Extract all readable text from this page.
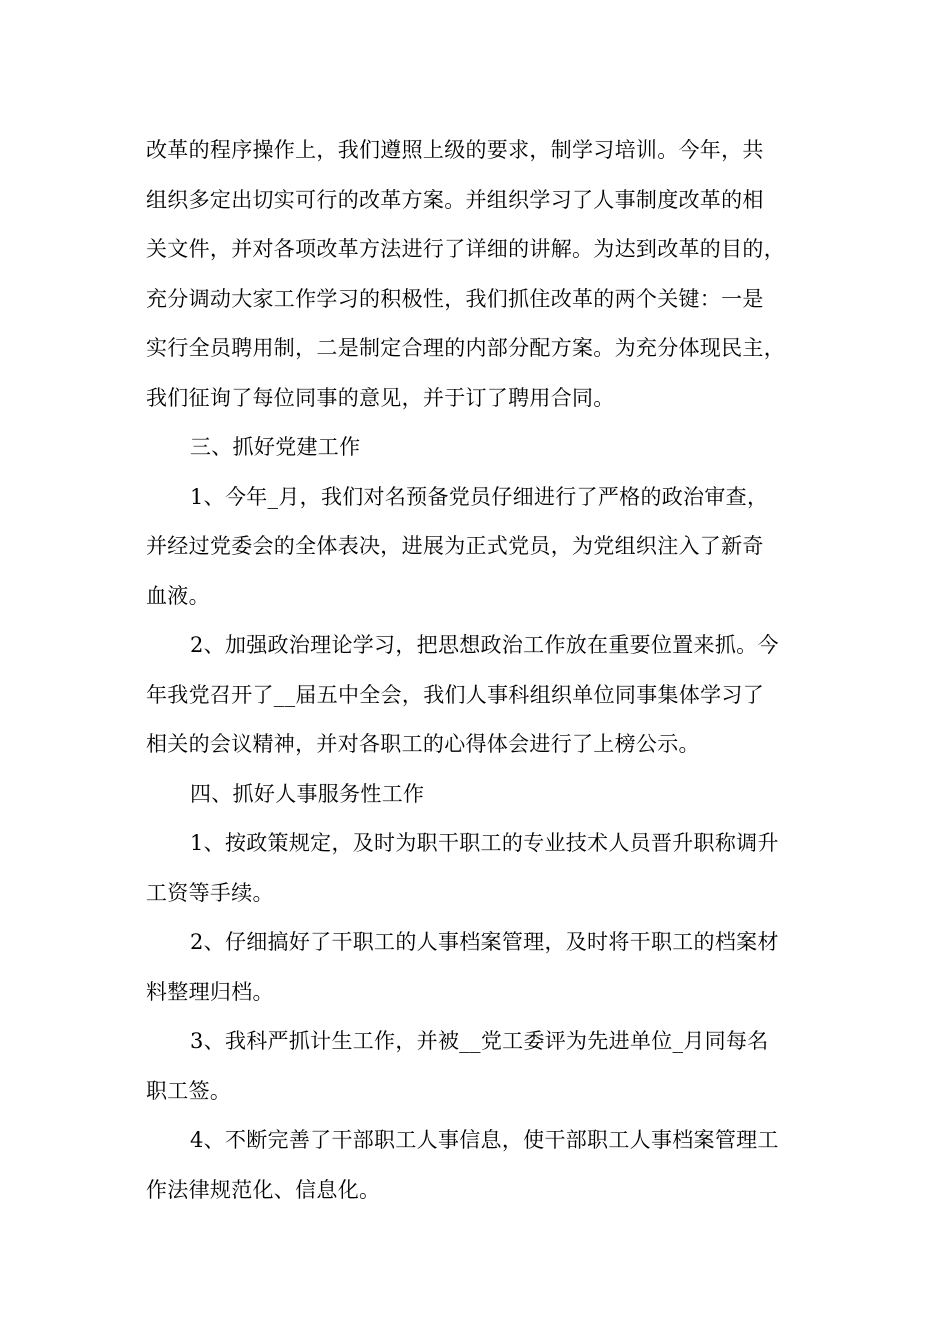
改革的程序操作上，我们遵照上级的要求，制学习培训。今年，共
组织多定出切实可行的改革方案。并组织学习了人事制度改革的相
关文件，并对各项改革方法进行了详细的讲解。为达到改革的目的，
充分调动大家工作学习的积极性，我们抓住改革的两个关键：一是
实行全员聘用制，二是制定合理的内部分配方案。为充分体现民主，
我们征询了每位同事的意见，并于订了聘用合同。
三、抓好党建工作
1、今年_月，我们对名预备党员仔细进行了严格的政治审查，
并经过党委会的全体表决，进展为正式党员，为党组织注入了新奇
血液。
2、加强政治理论学习，把思想政治工作放在重要位置来抓。今
年我党召开了__届五中全会，我们人事科组织单位同事集体学习了
相关的会议精神，并对各职工的心得体会进行了上榜公示。
四、抓好人事服务性工作
1、按政策规定，及时为职干职工的专业技术人员晋升职称调升
工资等手续。
2、仔细搞好了干职工的人事档案管理，及时将干职工的档案材
料整理归档。
3、我科严抓计生工作，并被__党工委评为先进单位_月同每名
职工签。
4、不断完善了干部职工人事信息，使干部职工人事档案管理工
作法律规范化、信息化。
